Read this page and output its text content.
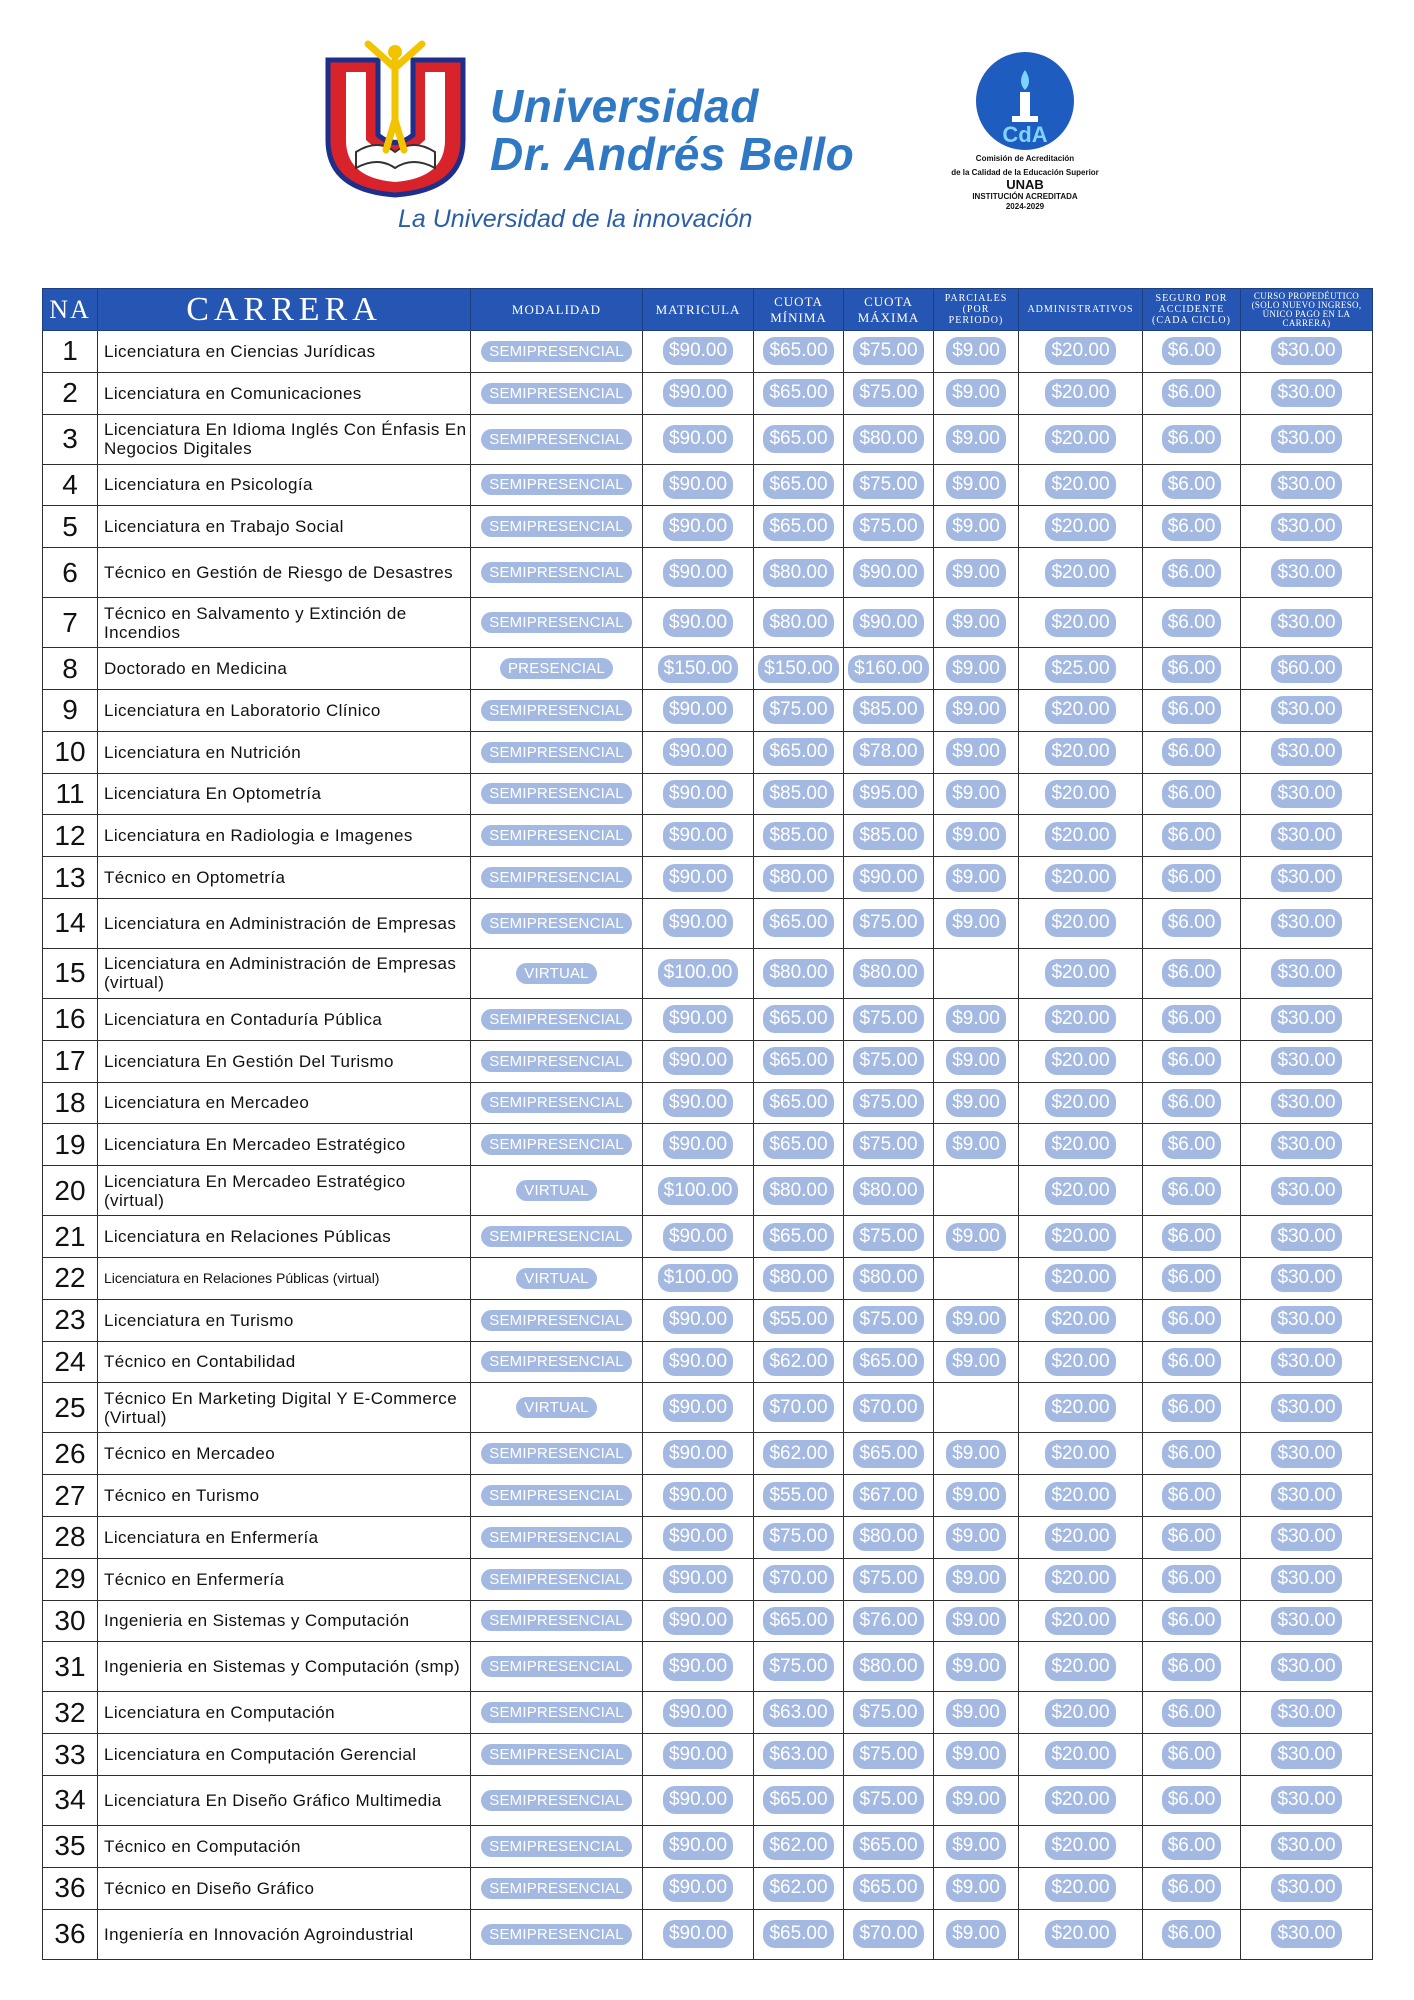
Universidad
Dr. Andrés Bello
La Universidad de la innovación
CdA
Comisión de Acreditación
de la Calidad de la Educación Superior
UNAB
INSTITUCIÓN ACREDITADA
2024-2029
NA	CARRERA	MODALIDAD	MATRICULA	CUOTA MÍNIMA	CUOTA MÁXIMA	PARCIALES (POR PERIODO)	ADMINISTRATIVOS	SEGURO POR ACCIDENTE (CADA CICLO)	CURSO PROPEDÉUTICO (SOLO NUEVO INGRESO, ÚNICO PAGO EN LA CARRERA)
1	Licenciatura en Ciencias Jurídicas	SEMIPRESENCIAL	$90.00	$65.00	$75.00	$9.00	$20.00	$6.00	$30.00
2	Licenciatura en Comunicaciones	SEMIPRESENCIAL	$90.00	$65.00	$75.00	$9.00	$20.00	$6.00	$30.00
3	Licenciatura En Idioma Inglés Con Énfasis En Negocios Digitales	SEMIPRESENCIAL	$90.00	$65.00	$80.00	$9.00	$20.00	$6.00	$30.00
4	Licenciatura en Psicología	SEMIPRESENCIAL	$90.00	$65.00	$75.00	$9.00	$20.00	$6.00	$30.00
5	Licenciatura en Trabajo Social	SEMIPRESENCIAL	$90.00	$65.00	$75.00	$9.00	$20.00	$6.00	$30.00
6	Técnico en Gestión de Riesgo de Desastres	SEMIPRESENCIAL	$90.00	$80.00	$90.00	$9.00	$20.00	$6.00	$30.00
7	Técnico en Salvamento y Extinción de Incendios	SEMIPRESENCIAL	$90.00	$80.00	$90.00	$9.00	$20.00	$6.00	$30.00
8	Doctorado en Medicina	PRESENCIAL	$150.00	$150.00	$160.00	$9.00	$25.00	$6.00	$60.00
9	Licenciatura en Laboratorio Clínico	SEMIPRESENCIAL	$90.00	$75.00	$85.00	$9.00	$20.00	$6.00	$30.00
10	Licenciatura en Nutrición	SEMIPRESENCIAL	$90.00	$65.00	$78.00	$9.00	$20.00	$6.00	$30.00
11	Licenciatura En Optometría	SEMIPRESENCIAL	$90.00	$85.00	$95.00	$9.00	$20.00	$6.00	$30.00
12	Licenciatura en Radiologia e Imagenes	SEMIPRESENCIAL	$90.00	$85.00	$85.00	$9.00	$20.00	$6.00	$30.00
13	Técnico en Optometría	SEMIPRESENCIAL	$90.00	$80.00	$90.00	$9.00	$20.00	$6.00	$30.00
14	Licenciatura en Administración de Empresas	SEMIPRESENCIAL	$90.00	$65.00	$75.00	$9.00	$20.00	$6.00	$30.00
15	Licenciatura en Administración de Empresas (virtual)	VIRTUAL	$100.00	$80.00	$80.00		$20.00	$6.00	$30.00
16	Licenciatura en Contaduría Pública	SEMIPRESENCIAL	$90.00	$65.00	$75.00	$9.00	$20.00	$6.00	$30.00
17	Licenciatura En Gestión Del Turismo	SEMIPRESENCIAL	$90.00	$65.00	$75.00	$9.00	$20.00	$6.00	$30.00
18	Licenciatura en Mercadeo	SEMIPRESENCIAL	$90.00	$65.00	$75.00	$9.00	$20.00	$6.00	$30.00
19	Licenciatura En Mercadeo Estratégico	SEMIPRESENCIAL	$90.00	$65.00	$75.00	$9.00	$20.00	$6.00	$30.00
20	Licenciatura En Mercadeo Estratégico (virtual)	VIRTUAL	$100.00	$80.00	$80.00		$20.00	$6.00	$30.00
21	Licenciatura en Relaciones Públicas	SEMIPRESENCIAL	$90.00	$65.00	$75.00	$9.00	$20.00	$6.00	$30.00
22	Licenciatura en Relaciones Públicas (virtual)	VIRTUAL	$100.00	$80.00	$80.00		$20.00	$6.00	$30.00
23	Licenciatura en Turismo	SEMIPRESENCIAL	$90.00	$55.00	$75.00	$9.00	$20.00	$6.00	$30.00
24	Técnico en Contabilidad	SEMIPRESENCIAL	$90.00	$62.00	$65.00	$9.00	$20.00	$6.00	$30.00
25	Técnico En Marketing Digital Y E-Commerce (Virtual)	VIRTUAL	$90.00	$70.00	$70.00		$20.00	$6.00	$30.00
26	Técnico en Mercadeo	SEMIPRESENCIAL	$90.00	$62.00	$65.00	$9.00	$20.00	$6.00	$30.00
27	Técnico en Turismo	SEMIPRESENCIAL	$90.00	$55.00	$67.00	$9.00	$20.00	$6.00	$30.00
28	Licenciatura en Enfermería	SEMIPRESENCIAL	$90.00	$75.00	$80.00	$9.00	$20.00	$6.00	$30.00
29	Técnico en Enfermería	SEMIPRESENCIAL	$90.00	$70.00	$75.00	$9.00	$20.00	$6.00	$30.00
30	Ingenieria en Sistemas y Computación	SEMIPRESENCIAL	$90.00	$65.00	$76.00	$9.00	$20.00	$6.00	$30.00
31	Ingenieria en Sistemas y Computación (smp)	SEMIPRESENCIAL	$90.00	$75.00	$80.00	$9.00	$20.00	$6.00	$30.00
32	Licenciatura en Computación	SEMIPRESENCIAL	$90.00	$63.00	$75.00	$9.00	$20.00	$6.00	$30.00
33	Licenciatura en Computación Gerencial	SEMIPRESENCIAL	$90.00	$63.00	$75.00	$9.00	$20.00	$6.00	$30.00
34	Licenciatura En Diseño Gráfico Multimedia	SEMIPRESENCIAL	$90.00	$65.00	$75.00	$9.00	$20.00	$6.00	$30.00
35	Técnico en Computación	SEMIPRESENCIAL	$90.00	$62.00	$65.00	$9.00	$20.00	$6.00	$30.00
36	Técnico en Diseño Gráfico	SEMIPRESENCIAL	$90.00	$62.00	$65.00	$9.00	$20.00	$6.00	$30.00
36	Ingeniería en Innovación Agroindustrial	SEMIPRESENCIAL	$90.00	$65.00	$70.00	$9.00	$20.00	$6.00	$30.00
